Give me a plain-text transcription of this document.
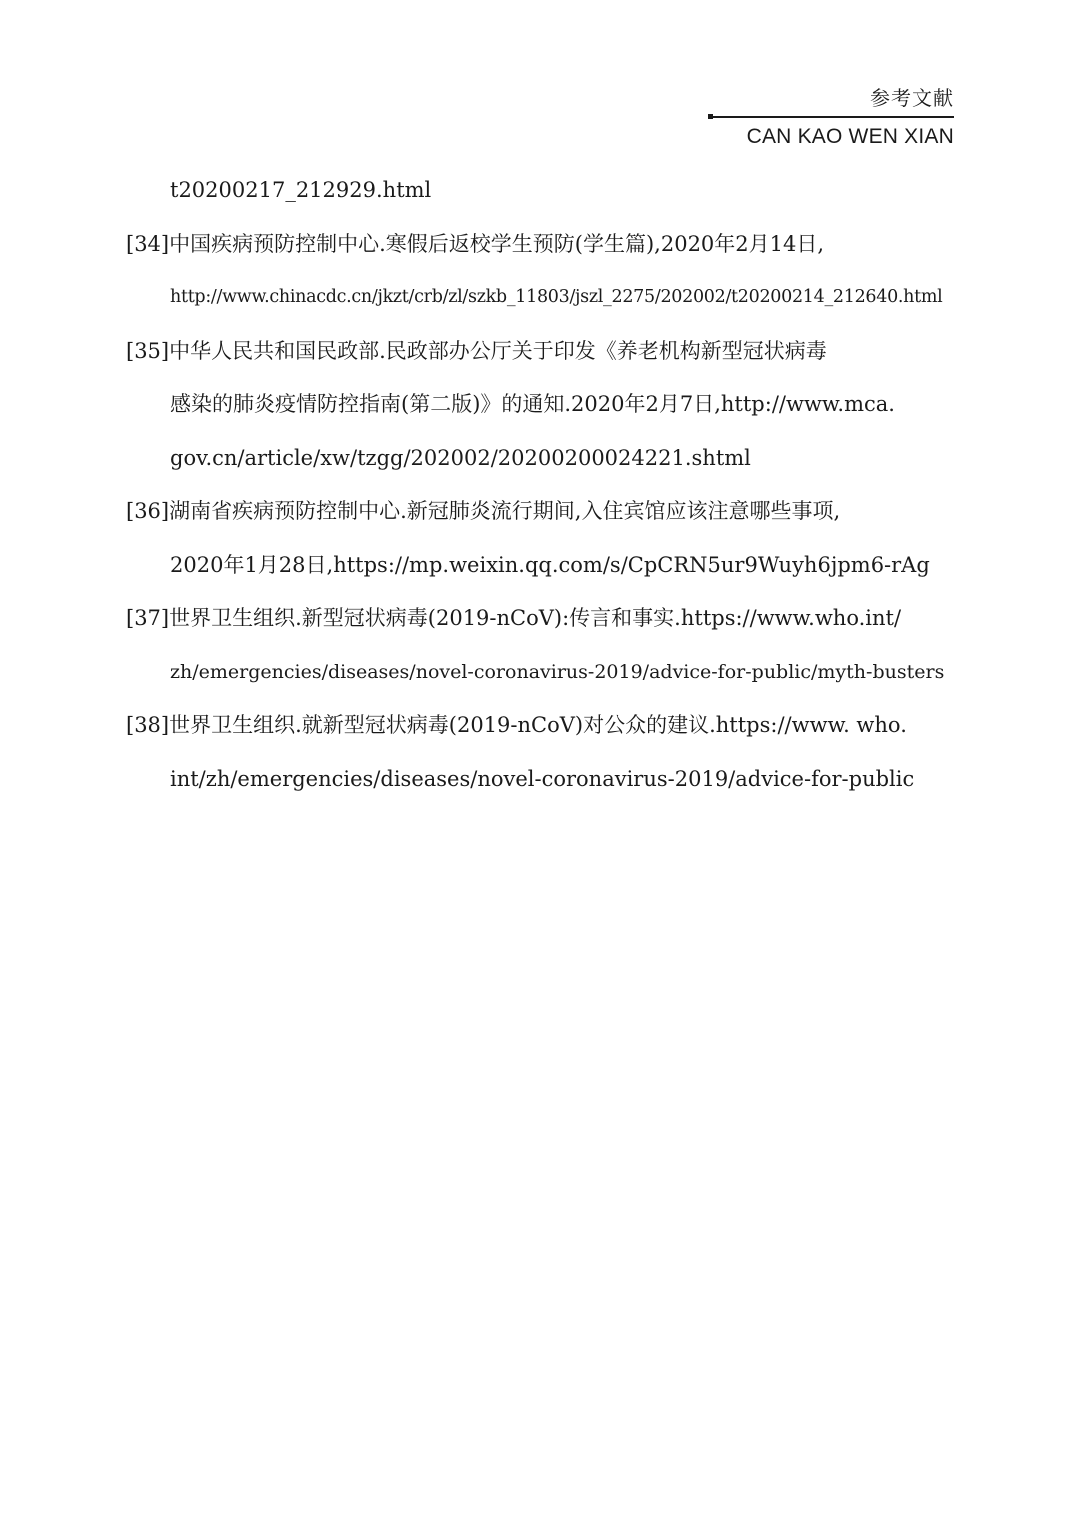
参考文献
CAN KAO WEN XIAN
t20200217_212929.html
[34]中国疾病预防控制中心.寒假后返校学生预防(学生篇),2020年2月14日,
http://www.chinacdc.cn/jkzt/crb/zl/szkb_11803/jszl_2275/202002/t20200214_212640.html
[35]中华人民共和国民政部.民政部办公厅关于印发《养老机构新型冠状病毒
感染的肺炎疫情防控指南(第二版)》的通知.2020年2月7日,http://www.mca.
gov.cn/article/xw/tzgg/202002/20200200024221.shtml
[36]湖南省疾病预防控制中心.新冠肺炎流行期间,入住宾馆应该注意哪些事项,
2020年1月28日,https://mp.weixin.qq.com/s/CpCRN5ur9Wuyh6jpm6-rAg
[37]世界卫生组织.新型冠状病毒(2019-nCoV):传言和事实.https://www.who.int/
zh/emergencies/diseases/novel-coronavirus-2019/advice-for-public/myth-busters
[38]世界卫生组织.就新型冠状病毒(2019-nCoV)对公众的建议.https://www. who.
int/zh/emergencies/diseases/novel-coronavirus-2019/advice-for-public
